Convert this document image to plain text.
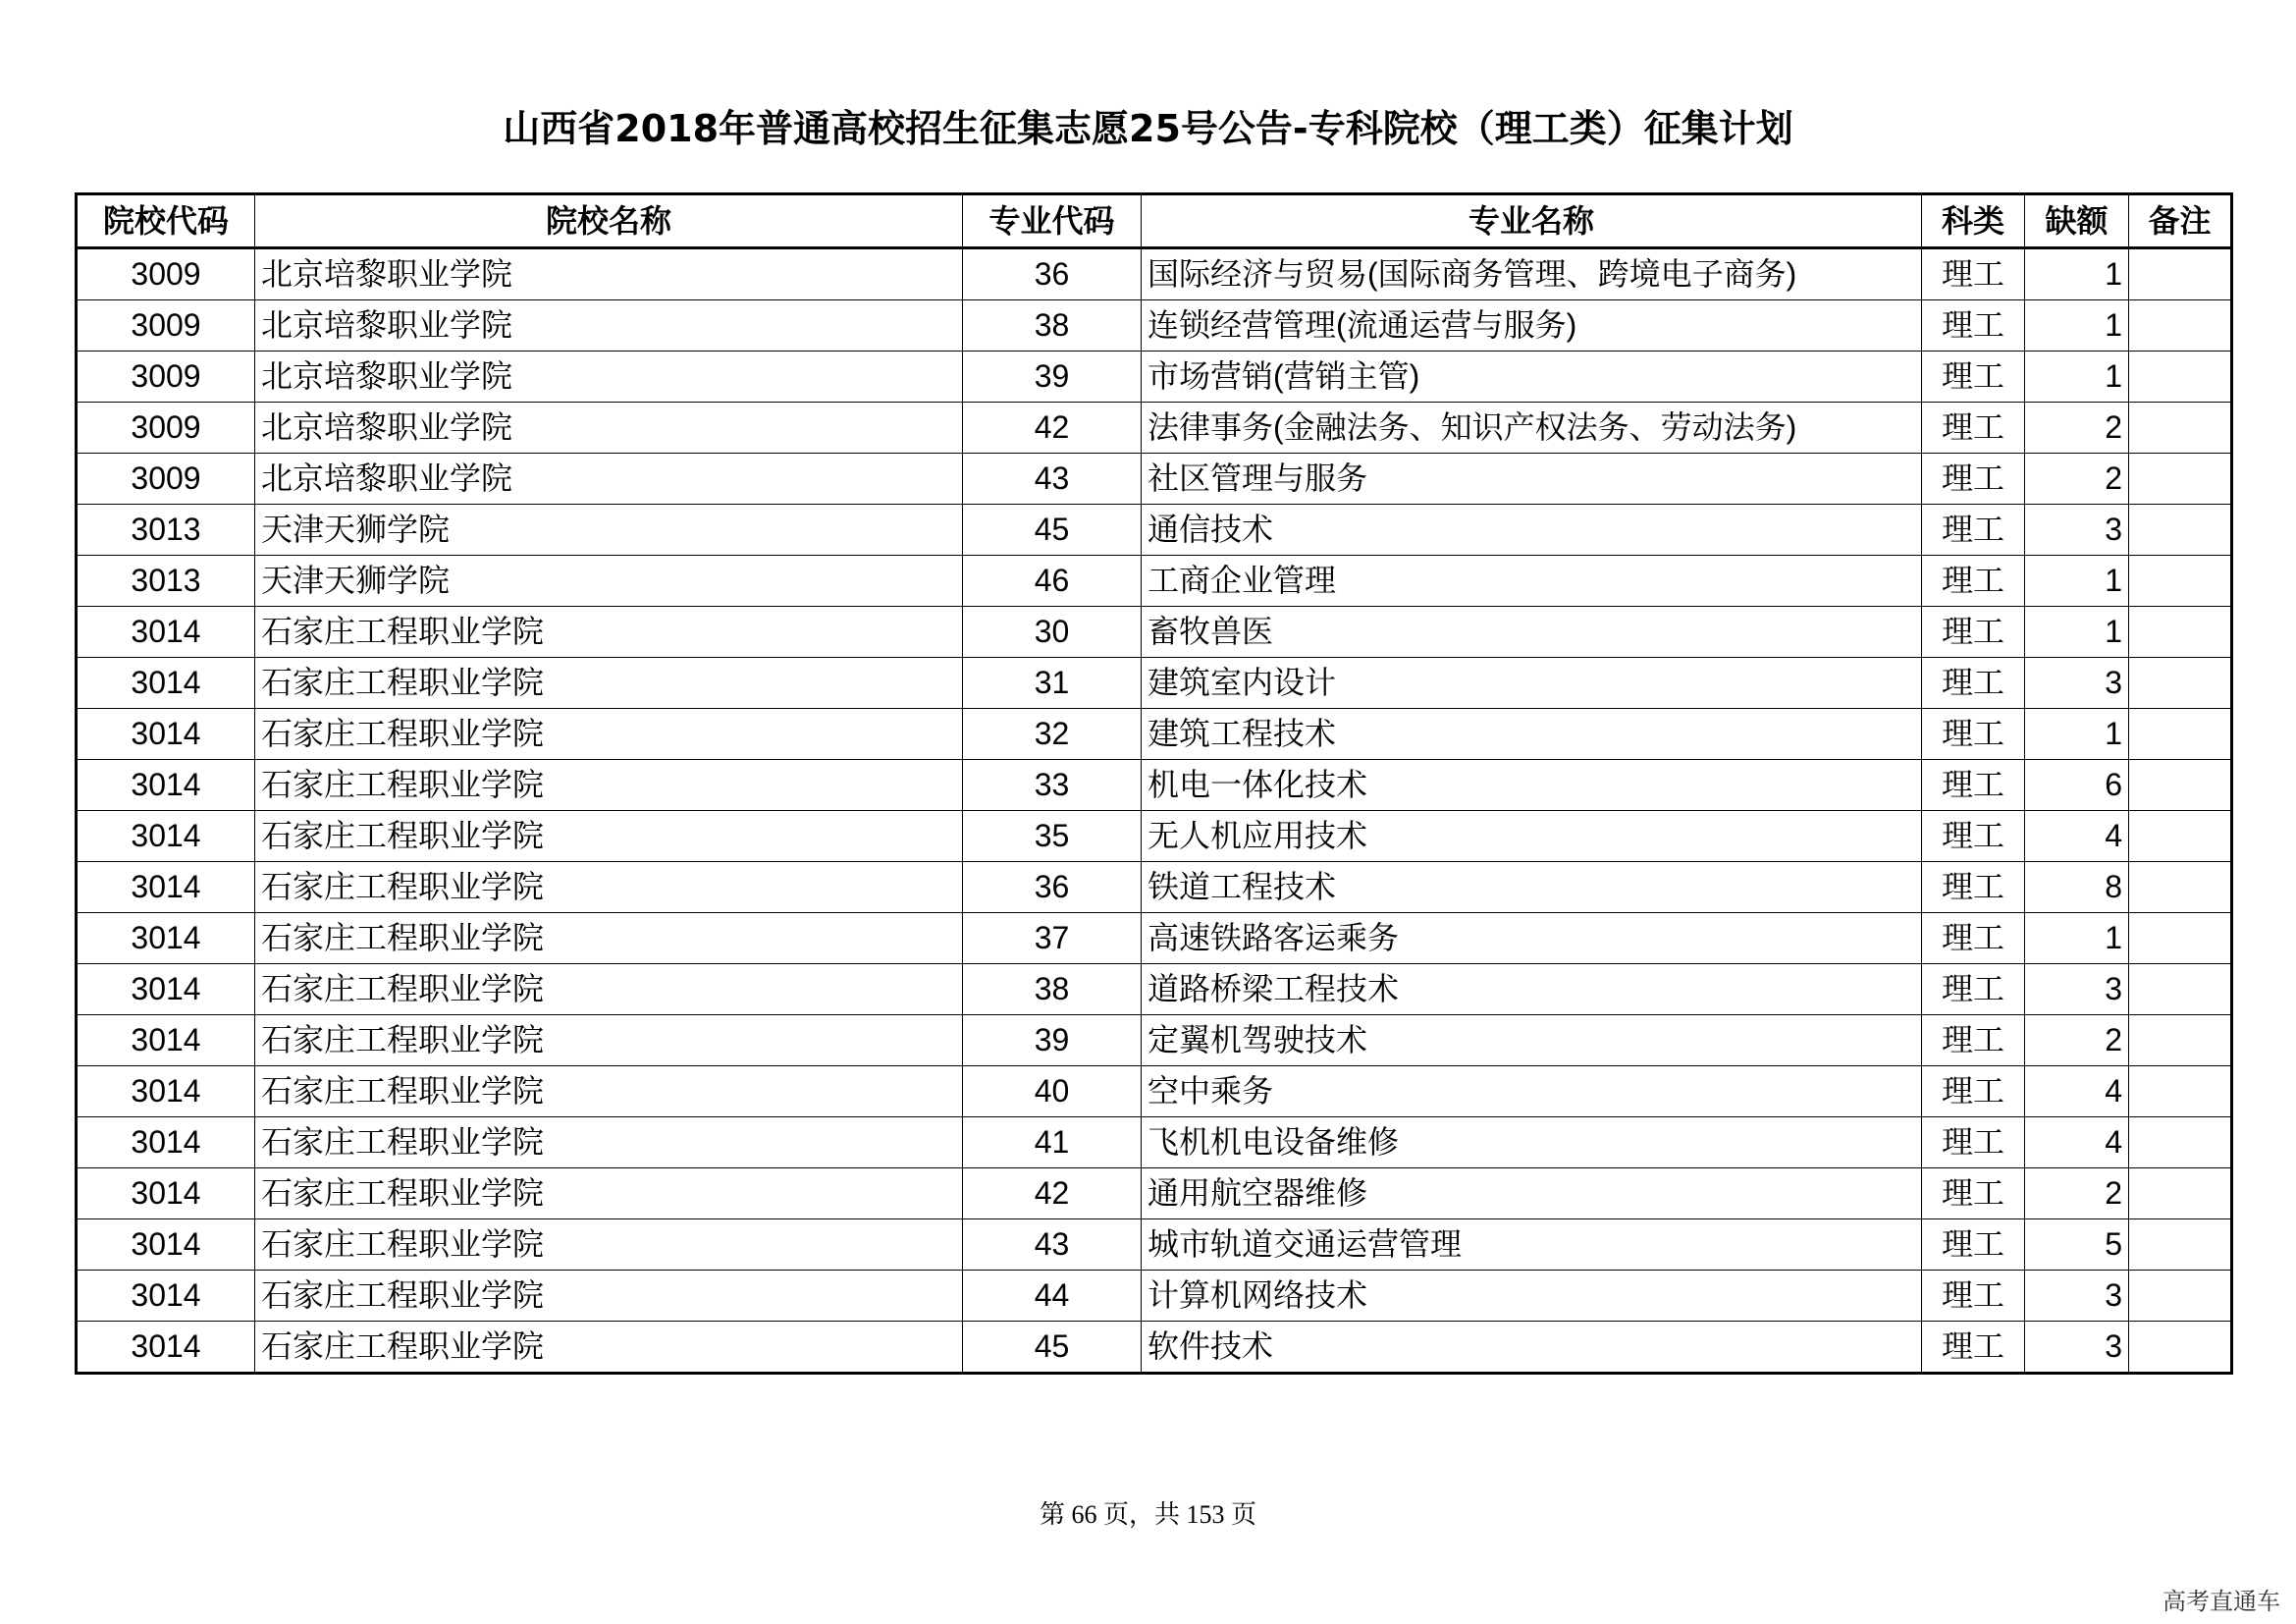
山西省2018年普通高校招生征集志愿25号公告-专科院校（理工类）征集计划
院校代码	院校名称	专业代码	专业名称	科类	缺额	备注
3009	北京培黎职业学院	36	国际经济与贸易(国际商务管理、跨境电子商务)	理工	1	
3009	北京培黎职业学院	38	连锁经营管理(流通运营与服务)	理工	1	
3009	北京培黎职业学院	39	市场营销(营销主管)	理工	1	
3009	北京培黎职业学院	42	法律事务(金融法务、知识产权法务、劳动法务)	理工	2	
3009	北京培黎职业学院	43	社区管理与服务	理工	2	
3013	天津天狮学院	45	通信技术	理工	3	
3013	天津天狮学院	46	工商企业管理	理工	1	
3014	石家庄工程职业学院	30	畜牧兽医	理工	1	
3014	石家庄工程职业学院	31	建筑室内设计	理工	3	
3014	石家庄工程职业学院	32	建筑工程技术	理工	1	
3014	石家庄工程职业学院	33	机电一体化技术	理工	6	
3014	石家庄工程职业学院	35	无人机应用技术	理工	4	
3014	石家庄工程职业学院	36	铁道工程技术	理工	8	
3014	石家庄工程职业学院	37	高速铁路客运乘务	理工	1	
3014	石家庄工程职业学院	38	道路桥梁工程技术	理工	3	
3014	石家庄工程职业学院	39	定翼机驾驶技术	理工	2	
3014	石家庄工程职业学院	40	空中乘务	理工	4	
3014	石家庄工程职业学院	41	飞机机电设备维修	理工	4	
3014	石家庄工程职业学院	42	通用航空器维修	理工	2	
3014	石家庄工程职业学院	43	城市轨道交通运营管理	理工	5	
3014	石家庄工程职业学院	44	计算机网络技术	理工	3	
3014	石家庄工程职业学院	45	软件技术	理工	3	
第 66 页，共 153 页
高考直通车
